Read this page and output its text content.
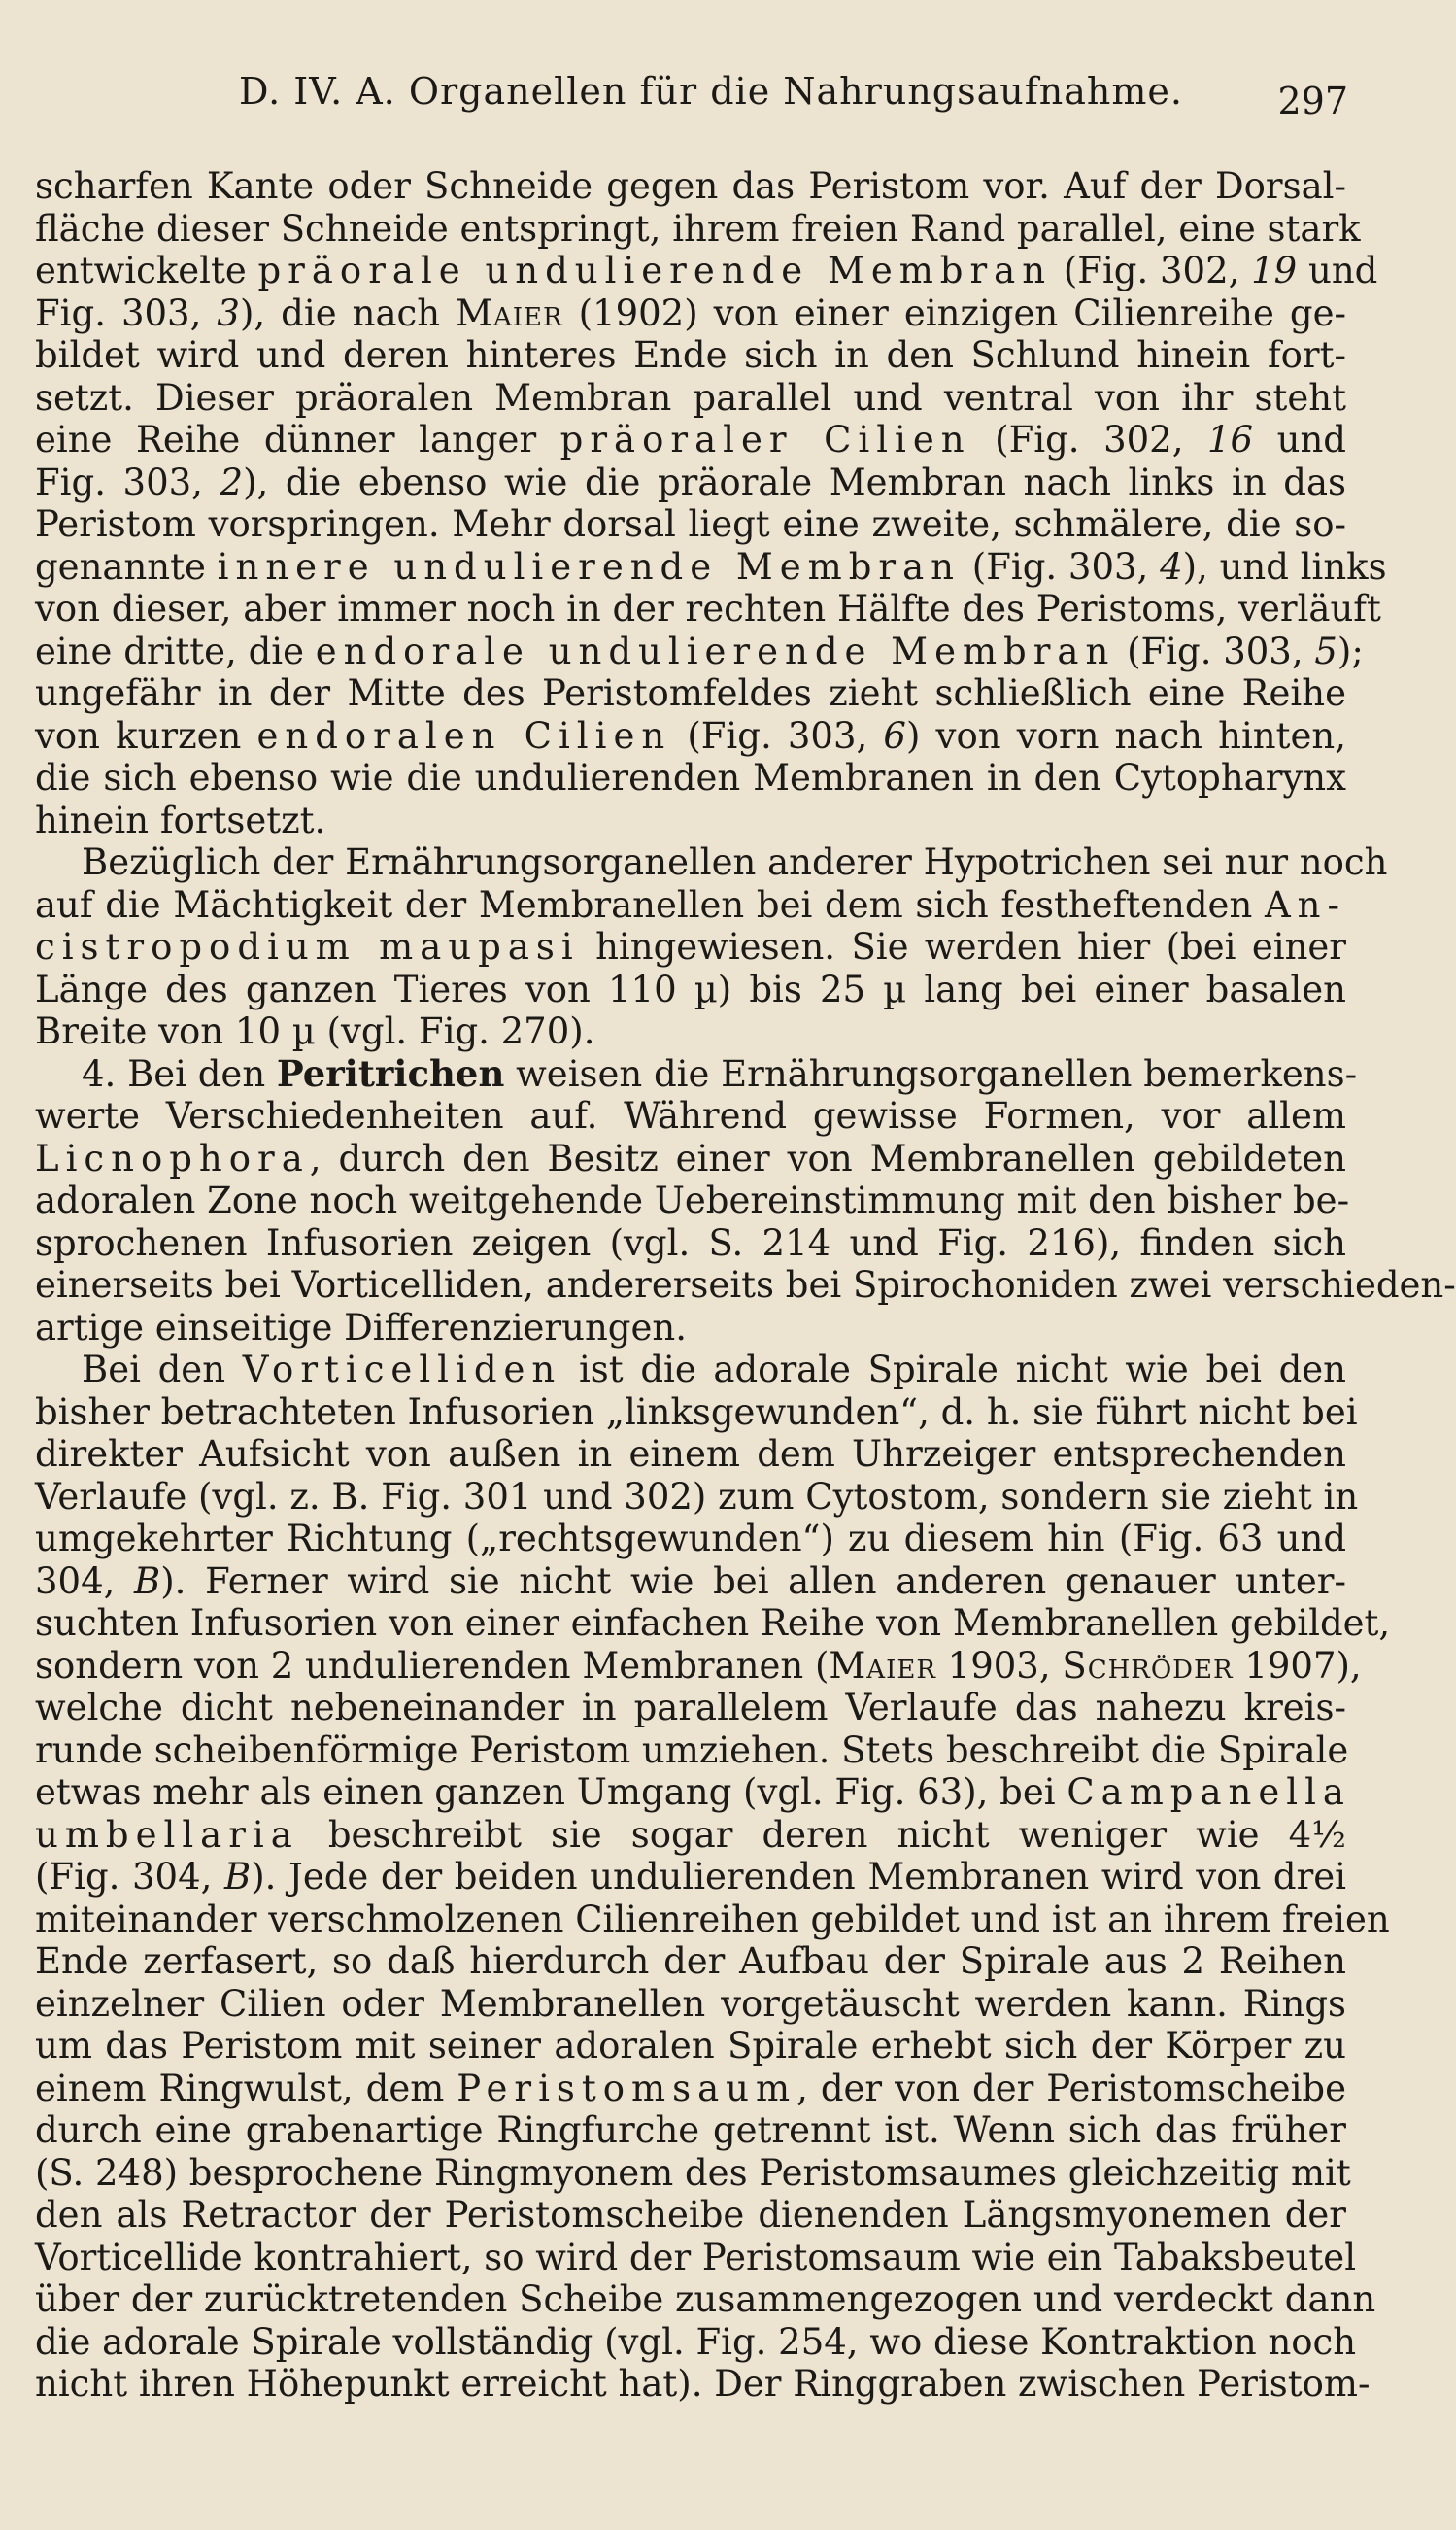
D. IV. A. Organellen für die Nahrungsaufnahme.	297
scharfen Kante oder Schneide gegen das Peristom vor. Auf der Dorsal-
fläche dieser Schneide entspringt, ihrem freien Rand parallel, eine stark
entwickelte präorale undulierende Membran (Fig. 302, 19 und
Fig. 303, 3), die nach Maier (1902) von einer einzigen Cilienreihe ge-
bildet wird und deren hinteres Ende sich in den Schlund hinein fort-
setzt. Dieser präoralen Membran parallel und ventral von ihr steht
eine Reihe dünner langer präoraler Cilien (Fig. 302, 16 und
Fig. 303, 2), die ebenso wie die präorale Membran nach links in das
Peristom vorspringen. Mehr dorsal liegt eine zweite, schmälere, die so-
genannte innere undulierende Membran (Fig. 303, 4), und links
von dieser, aber immer noch in der rechten Hälfte des Peristoms, verläuft
eine dritte, die endorale undulierende Membran (Fig. 303, 5);
ungefähr in der Mitte des Peristomfeldes zieht schließlich eine Reihe
von kurzen endoralen Cilien (Fig. 303, 6) von vorn nach hinten,
die sich ebenso wie die undulierenden Membranen in den Cytopharynx
hinein fortsetzt.
Bezüglich der Ernährungsorganellen anderer Hypotrichen sei nur noch
auf die Mächtigkeit der Membranellen bei dem sich festheftenden An-
cistropodium maupasi hingewiesen. Sie werden hier (bei einer
Länge des ganzen Tieres von 110 µ) bis 25 µ lang bei einer basalen
Breite von 10 µ (vgl. Fig. 270).
4. Bei den Peritrichen weisen die Ernährungsorganellen bemerkens-
werte Verschiedenheiten auf. Während gewisse Formen, vor allem
Licnophora, durch den Besitz einer von Membranellen gebildeten
adoralen Zone noch weitgehende Uebereinstimmung mit den bisher be-
sprochenen Infusorien zeigen (vgl. S. 214 und Fig. 216), finden sich
einerseits bei Vorticelliden, andererseits bei Spirochoniden zwei verschieden-
artige einseitige Differenzierungen.
Bei den Vorticelliden ist die adorale Spirale nicht wie bei den
bisher betrachteten Infusorien „linksgewunden“, d. h. sie führt nicht bei
direkter Aufsicht von außen in einem dem Uhrzeiger entsprechenden
Verlaufe (vgl. z. B. Fig. 301 und 302) zum Cytostom, sondern sie zieht in
umgekehrter Richtung („rechtsgewunden“) zu diesem hin (Fig. 63 und
304, B). Ferner wird sie nicht wie bei allen anderen genauer unter-
suchten Infusorien von einer einfachen Reihe von Membranellen gebildet,
sondern von 2 undulierenden Membranen (Maier 1903, Schröder 1907),
welche dicht nebeneinander in parallelem Verlaufe das nahezu kreis-
runde scheibenförmige Peristom umziehen. Stets beschreibt die Spirale
etwas mehr als einen ganzen Umgang (vgl. Fig. 63), bei Campanella
umbellaria beschreibt sie sogar deren nicht weniger wie 4½
(Fig. 304, B). Jede der beiden undulierenden Membranen wird von drei
miteinander verschmolzenen Cilienreihen gebildet und ist an ihrem freien
Ende zerfasert, so daß hierdurch der Aufbau der Spirale aus 2 Reihen
einzelner Cilien oder Membranellen vorgetäuscht werden kann. Rings
um das Peristom mit seiner adoralen Spirale erhebt sich der Körper zu
einem Ringwulst, dem Peristomsaum, der von der Peristomscheibe
durch eine grabenartige Ringfurche getrennt ist. Wenn sich das früher
(S. 248) besprochene Ringmyonem des Peristomsaumes gleichzeitig mit
den als Retractor der Peristomscheibe dienenden Längsmyonemen der
Vorticellide kontrahiert, so wird der Peristomsaum wie ein Tabaksbeutel
über der zurücktretenden Scheibe zusammengezogen und verdeckt dann
die adorale Spirale vollständig (vgl. Fig. 254, wo diese Kontraktion noch
nicht ihren Höhepunkt erreicht hat). Der Ringgraben zwischen Peristom-
